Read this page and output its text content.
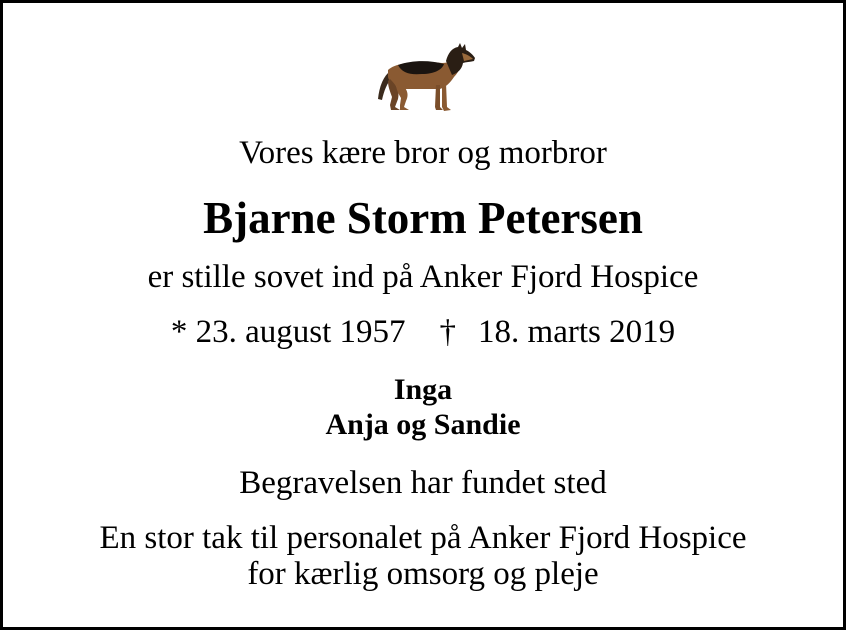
Vores kære bror og morbror
Bjarne Storm Petersen
er stille sovet ind på Anker Fjord Hospice
* 23. august 1957 † 18. marts 2019
Inga
Anja og Sandie
Begravelsen har fundet sted
En stor tak til personalet på Anker Fjord Hospice
for kærlig omsorg og pleje
